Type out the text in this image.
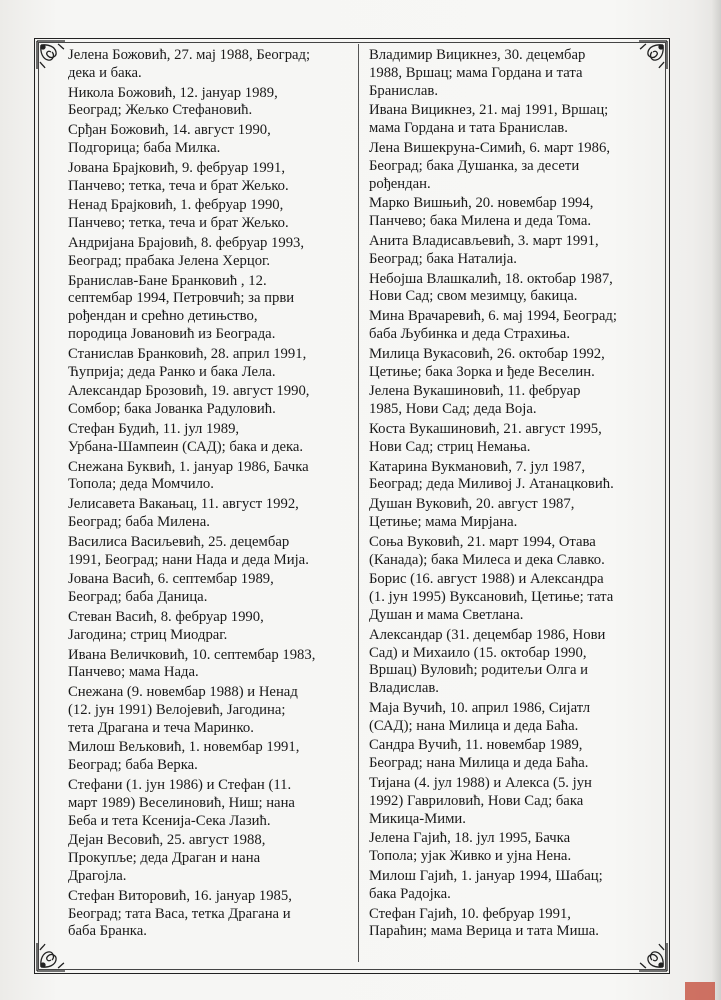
Јелена Божовић, 27. мај 1988, Београд;
дека и бака.
Никола Божовић, 12. јануар 1989,
Београд; Жељко Стефановић.
Срђан Божовић, 14. август 1990,
Подгорица; баба Милка.
Јована Брајковић, 9. фебруар 1991,
Панчево; тетка, теча и брат Жељко.
Ненад Брајковић, 1. фебруар 1990,
Панчево; тетка, теча и брат Жељко.
Андријана Брајовић, 8. фебруар 1993,
Београд; прабака Јелена Херцог.
Бранислав-Бане Бранковић , 12.
септембар 1994, Петровчић; за први
рођендан и срећно детињство,
породица Јовановић из Београда.
Станислав Бранковић, 28. април 1991,
Ћуприја; деда Ранко и бака Лела.
Александар Брозовић, 19. август 1990,
Сомбор; бака Јованка Радуловић.
Стефан Будић, 11. јул 1989,
Урбана-Шампеин (САД); бака и дека.
Снежана Буквић, 1. јануар 1986, Бачка
Топола; деда Момчило.
Јелисавета Вакањац, 11. август 1992,
Београд; баба Милена.
Василиса Васиљевић, 25. децембар
1991, Београд; нани Нада и деда Мија.
Јована Васић, 6. септембар 1989,
Београд; баба Даница.
Стеван Васић, 8. фебруар 1990,
Јагодина; стриц Миодраг.
Ивана Величковић, 10. септембар 1983,
Панчево; мама Нада.
Снежана (9. новембар 1988) и Ненад
(12. јун 1991) Велојевић, Јагодина;
тета Драгана и теча Маринко.
Милош Вељковић, 1. новембар 1991,
Београд; баба Верка.
Стефани (1. јун 1986) и Стефан (11.
март 1989) Веселиновић, Ниш; нана
Беба и тета Ксенија-Сека Лазић.
Дејан Весовић, 25. август 1988,
Прокупље; деда Драган и нана
Драгојла.
Стефан Виторовић, 16. јануар 1985,
Београд; тата Васа, тетка Драгана и
баба Бранка.
Владимир Вицикнез, 30. децембар
1988, Вршац; мама Гордана и тата
Бранислав.
Ивана Вицикнез, 21. мај 1991, Вршац;
мама Гордана и тата Бранислав.
Лена Вишекруна-Симић, 6. март 1986,
Београд; бака Душанка, за десети
рођендан.
Марко Вишњић, 20. новембар 1994,
Панчево; бака Милена и деда Тома.
Анита Владисављевић, 3. март 1991,
Београд; бака Наталија.
Небојша Влашкалић, 18. октобар 1987,
Нови Сад; свом мезимцу, бакица.
Мина Врачаревић, 6. мај 1994, Београд;
баба Љубинка и деда Страхиња.
Милица Вукасовић, 26. октобар 1992,
Цетиње; бака Зорка и ђеде Веселин.
Јелена Вукашиновић, 11. фебруар
1985, Нови Сад; деда Воја.
Коста Вукашиновић, 21. август 1995,
Нови Сад; стриц Немања.
Катарина Вукмановић, 7. јул 1987,
Београд; деда Миливој Ј. Атанацковић.
Душан Вуковић, 20. август 1987,
Цетиње; мама Мирјана.
Соња Вуковић, 21. март 1994, Отава
(Канада); бака Милеса и дека Славко.
Борис (16. август 1988) и Александра
(1. јун 1995) Вуксановић, Цетиње; тата
Душан и мама Светлана.
Александар (31. децембар 1986, Нови
Сад) и Михаило (15. октобар 1990,
Вршац) Вуловић; родитељи Олга и
Владислав.
Маја Вучић, 10. април 1986, Сијатл
(САД); нана Милица и деда Баћа.
Сандра Вучић, 11. новембар 1989,
Београд; нана Милица и деда Баћа.
Тијана (4. јул 1988) и Алекса (5. јун
1992) Гавриловић, Нови Сад; бака
Микица-Мими.
Јелена Гајић, 18. јул 1995, Бачка
Топола; ујак Живко и ујна Нена.
Милош Гајић, 1. јануар 1994, Шабац;
бака Радојка.
Стефан Гајић, 10. фебруар 1991,
Параћин; мама Верица и тата Миша.
